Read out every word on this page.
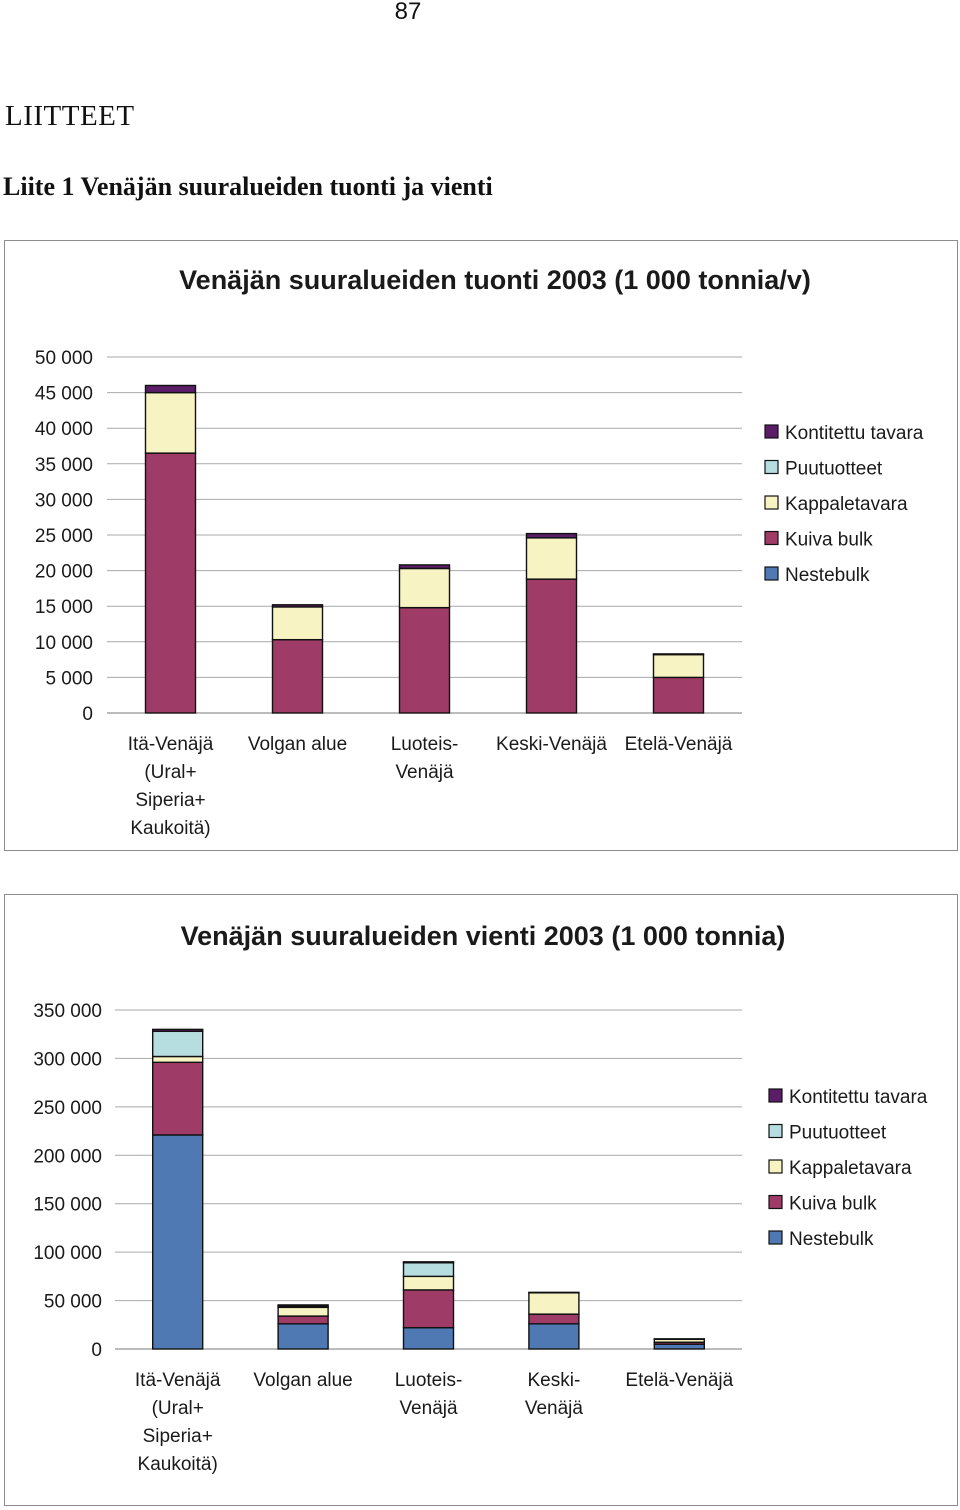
87
LIITTEET
Liite 1 Venäjän suuralueiden tuonti ja vienti
Venäjän suuralueiden tuonti 2003 (1 000 tonnia/v)
0
5 000
10 000
15 000
20 000
25 000
30 000
35 000
40 000
45 000
50 000
Itä-Venäjä
(Ural+
Siperia+
Kaukoitä)
Volgan alue Luoteis-
Venäjä
Keski-Venäjä Etelä-Venäjä
Kontitettu tavara
Puutuotteet
Kappaletavara
Kuiva bulk
Nestebulk
Venäjän suuralueiden vienti 2003 (1 000 tonnia)
0
50 000
100 000
150 000
200 000
250 000
300 000
350 000
Itä-Venäjä
(Ural+
Siperia+
Kaukoitä)
Volgan alue Luoteis-
Venäjä
Keski-
Venäjä
Etelä-Venäjä
Kontitettu tavara
Puutuotteet
Kappaletavara
Kuiva bulk
Nestebulk
